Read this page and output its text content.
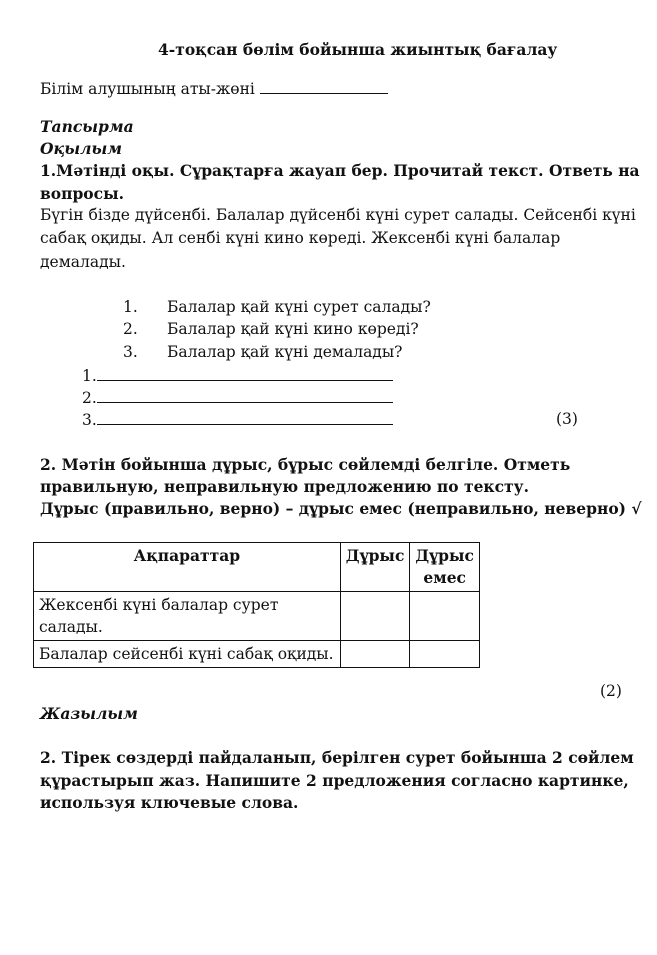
4-тоқсан бөлім бойынша жиынтық бағалау
Білім алушының аты-жөні
Тапсырма
Оқылым
1.Мәтінді оқы. Сұрақтарға жауап бер. Прочитай текст. Ответь на
вопросы.
Бүгін бізде дүйсенбі. Балалар дүйсенбі күні сурет салады. Сейсенбі күні
сабақ оқиды. Ал сенбі күні кино көреді. Жексенбі күні балалар
демалады.
1. Балалар қай күні сурет салады?
2. Балалар қай күні кино көреді?
3. Балалар қай күні демалады?
1.
2.
3.	(3)
2. Мәтін бойынша дұрыс, бұрыс сөйлемді белгіле. Отметь
правильную, неправильную предложению по тексту.
Дұрыс (правильно, верно) – дұрыс емес (неправильно, неверно) √
Ақпараттар	Дұрыс	Дұрыс емес
Жексенбі күні балалар сурет салады.		
Балалар сейсенбі күні сабақ оқиды.		
(2)
Жазылым
2. Тірек сөздерді пайдаланып, берілген сурет бойынша 2 сөйлем
құрастырып жаз. Напишите 2 предложения согласно картинке,
используя ключевые слова.
